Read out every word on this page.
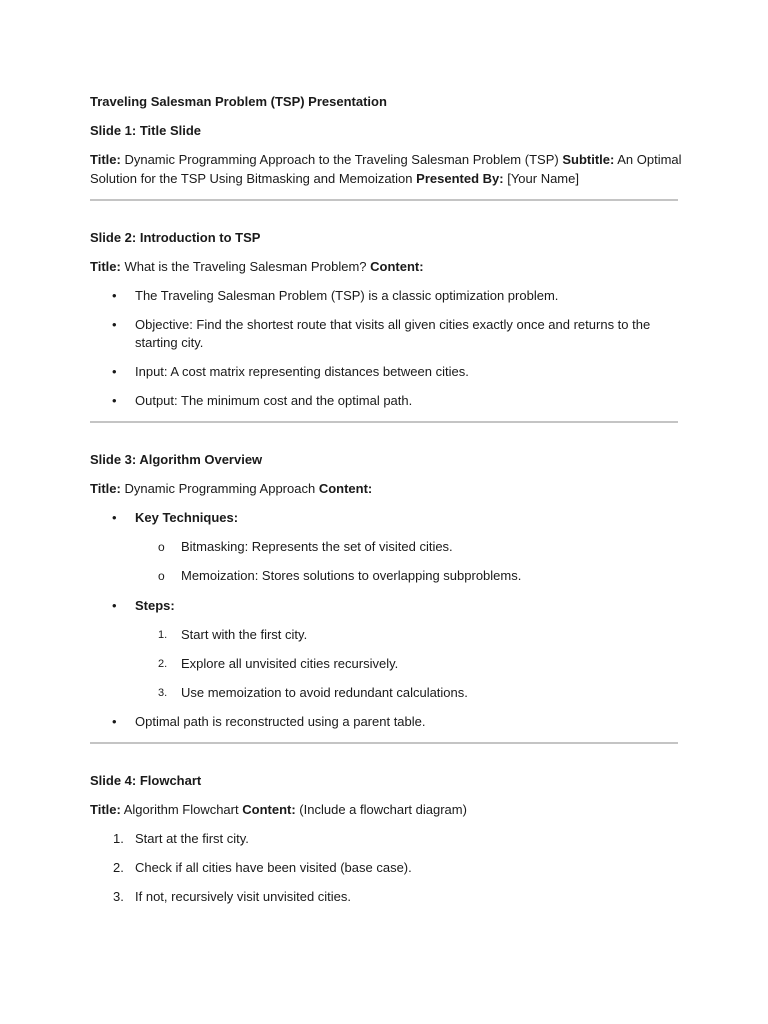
Traveling Salesman Problem (TSP) Presentation
Slide 1: Title Slide
Title: Dynamic Programming Approach to the Traveling Salesman Problem (TSP) Subtitle: An Optimal
Solution for the TSP Using Bitmasking and Memoization Presented By: [Your Name]
Slide 2: Introduction to TSP
Title: What is the Traveling Salesman Problem? Content:
• The Traveling Salesman Problem (TSP) is a classic optimization problem.
• Objective: Find the shortest route that visits all given cities exactly once and returns to the
starting city.
• Input: A cost matrix representing distances between cities.
• Output: The minimum cost and the optimal path.
Slide 3: Algorithm Overview
Title: Dynamic Programming Approach Content:
• Key Techniques:
o Bitmasking: Represents the set of visited cities.
o Memoization: Stores solutions to overlapping subproblems.
• Steps:
1. Start with the first city.
2. Explore all unvisited cities recursively.
3. Use memoization to avoid redundant calculations.
• Optimal path is reconstructed using a parent table.
Slide 4: Flowchart
Title: Algorithm Flowchart Content: (Include a flowchart diagram)
1. Start at the first city.
2. Check if all cities have been visited (base case).
3. If not, recursively visit unvisited cities.
